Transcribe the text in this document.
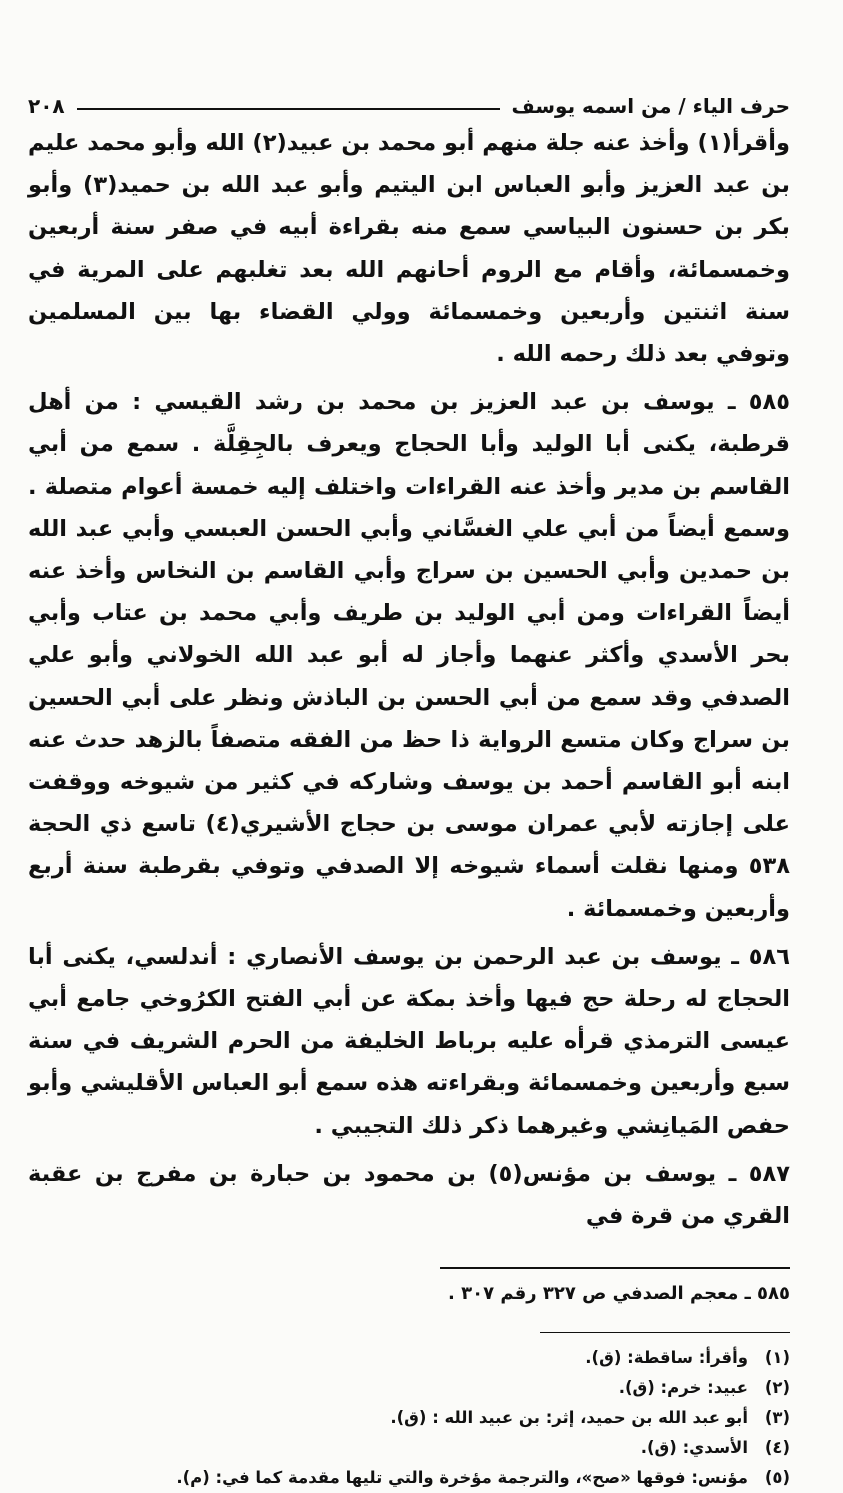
حرف الياء / من اسمه يوسف
٢٠٨

وأقرأ(١) وأخذ عنه جلة منهم أبو محمد بن عبيد(٢) الله وأبو محمد عليم بن عبد العزيز وأبو العباس ابن اليتيم وأبو عبد الله بن حميد(٣) وأبو بكر بن حسنون البياسي سمع منه بقراءة أبيه في صفر سنة أربعين وخمسمائة، وأقام مع الروم أحانهم الله بعد تغلبهم على المرية في سنة اثنتين وأربعين وخمسمائة وولي القضاء بها بين المسلمين وتوفي بعد ذلك رحمه الله .

٥٨٥ ـ يوسف بن عبد العزيز بن محمد بن رشد القيسي : من أهل قرطبة، يكنى أبا الوليد وأبا الحجاج ويعرف بالجِقِلَّة . سمع من أبي القاسم بن مدير وأخذ عنه القراءات واختلف إليه خمسة أعوام متصلة . وسمع أيضاً من أبي علي الغسَّاني وأبي الحسن العبسي وأبي عبد الله بن حمدين وأبي الحسين بن سراج وأبي القاسم بن النخاس وأخذ عنه أيضاً القراءات ومن أبي الوليد بن طريف وأبي محمد بن عتاب وأبي بحر الأسدي وأكثر عنهما وأجاز له أبو عبد الله الخولاني وأبو علي الصدفي وقد سمع من أبي الحسن بن الباذش ونظر على أبي الحسين بن سراج وكان متسع الرواية ذا حظ من الفقه متصفاً بالزهد حدث عنه ابنه أبو القاسم أحمد بن يوسف وشاركه في كثير من شيوخه ووقفت على إجازته لأبي عمران موسى بن حجاج الأشيري(٤) تاسع ذي الحجة ٥٣٨ ومنها نقلت أسماء شيوخه إلا الصدفي وتوفي بقرطبة سنة أربع وأربعين وخمسمائة .

٥٨٦ ـ يوسف بن عبد الرحمن بن يوسف الأنصاري : أندلسي، يكنى أبا الحجاج له رحلة حج فيها وأخذ بمكة عن أبي الفتح الكرُوخي جامع أبي عيسى الترمذي قرأه عليه برباط الخليفة من الحرم الشريف في سنة سبع وأربعين وخمسمائة وبقراءته هذه سمع أبو العباس الأقليشي وأبو حفص المَيانِشي وغيرهما ذكر ذلك التجيبي .

٥٨٧ ـ يوسف بن مؤنس(٥) بن محمود بن حبارة بن مفرج بن عقبة القري من قرة في

٥٨٥ ـ معجم الصدفي ص ٣٢٧ رقم ٣٠٧ .
(١)
وأقرأ: ساقطة: (ق).
(٢)
عبيد: خرم: (ق).
(٣)
أبو عبد الله بن حميد، إثر: بن عبيد الله : (ق).
(٤)
الأسدي: (ق).
(٥)
مؤنس: فوقها «صح»، والترجمة مؤخرة والتي تليها مقدمة كما في: (م).
